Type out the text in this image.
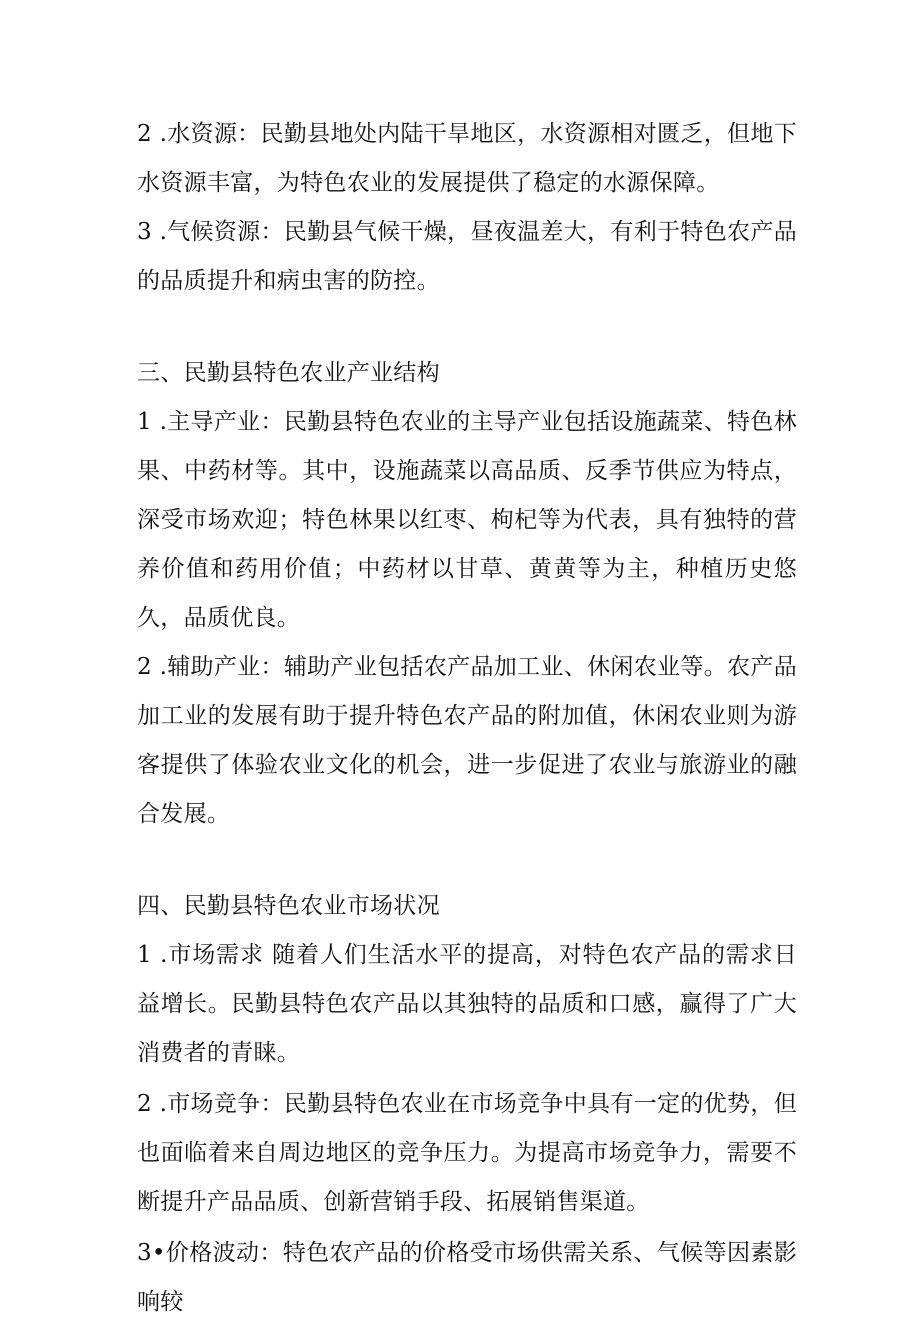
2 .水资源：民勤县地处内陆干旱地区，水资源相对匮乏，但地下水资源丰富，为特色农业的发展提供了稳定的水源保障。

3 .气候资源：民勤县气候干燥，昼夜温差大，有利于特色农产品的品质提升和病虫害的防控。

三、民勤县特色农业产业结构

1 .主导产业：民勤县特色农业的主导产业包括设施蔬菜、特色林果、中药材等。其中，设施蔬菜以高品质、反季节供应为特点，深受市场欢迎；特色林果以红枣、枸杞等为代表，具有独特的营养价值和药用价值；中药材以甘草、黄黄等为主，种植历史悠久，品质优良。

2 .辅助产业：辅助产业包括农产品加工业、休闲农业等。农产品加工业的发展有助于提升特色农产品的附加值，休闲农业则为游客提供了体验农业文化的机会，进一步促进了农业与旅游业的融合发展。

四、民勤县特色农业市场状况

1 .市场需求 随着人们生活水平的提高，对特色农产品的需求日益增长。民勤县特色农产品以其独特的品质和口感，赢得了广大消费者的青睐。

2 .市场竞争：民勤县特色农业在市场竞争中具有一定的优势，但也面临着来自周边地区的竞争压力。为提高市场竞争力，需要不断提升产品品质、创新营销手段、拓展销售渠道。

3•价格波动：特色农产品的价格受市场供需关系、气候等因素影响较
